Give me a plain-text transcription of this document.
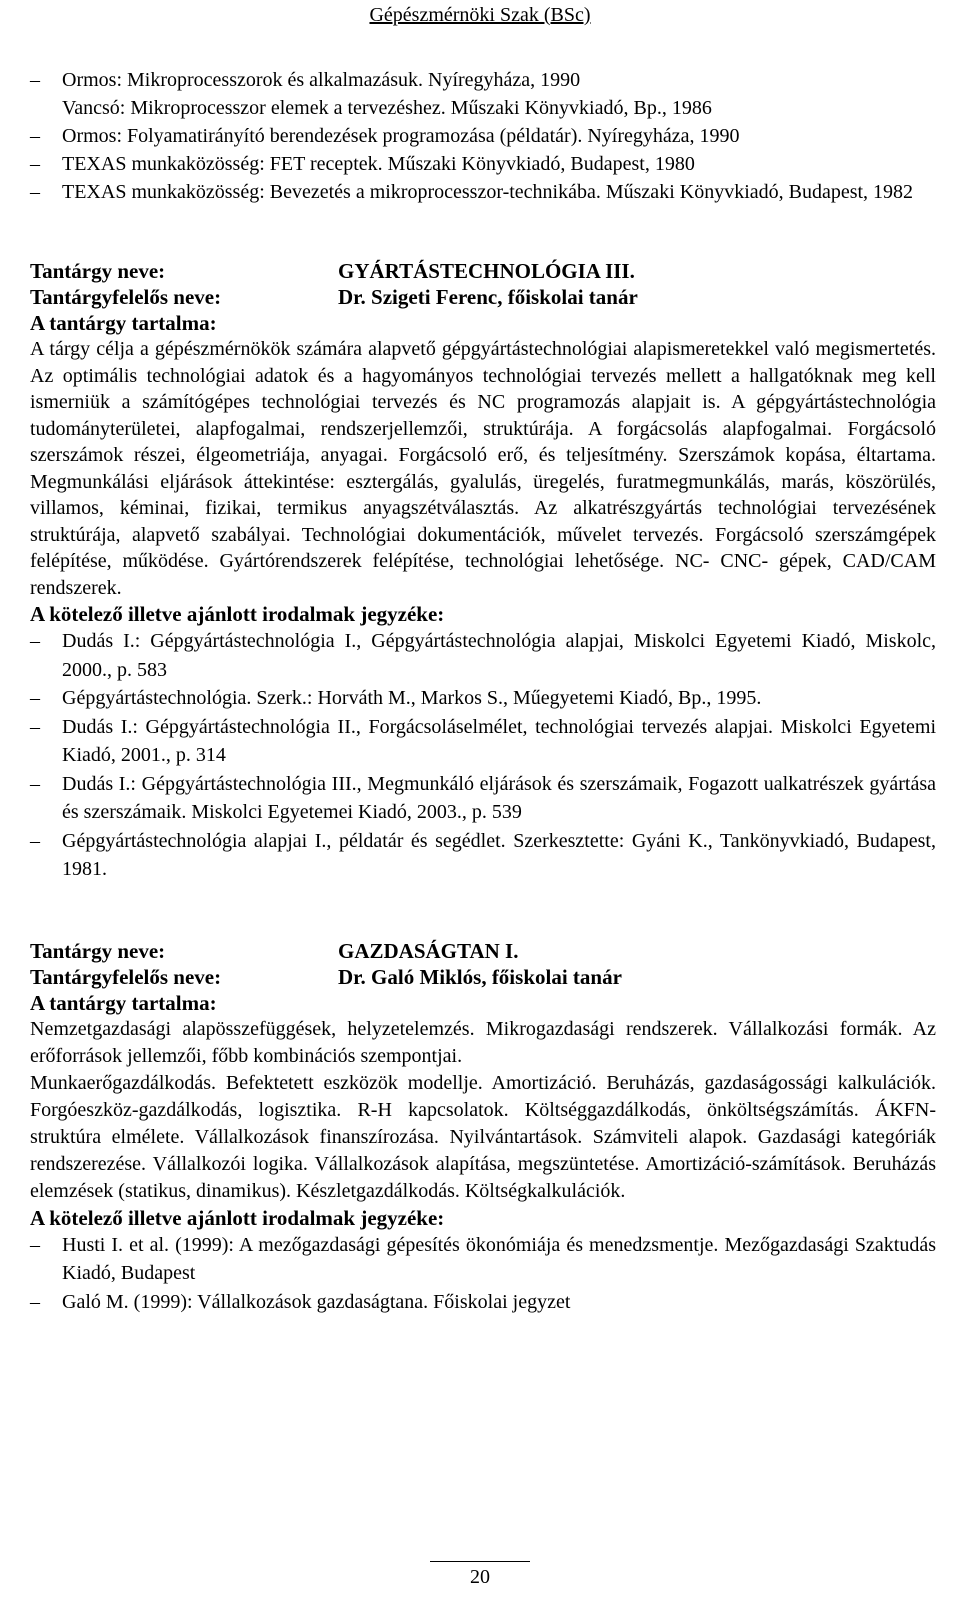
Gépészmérnöki Szak (BSc)
– Ormos: Mikroprocesszorok és alkalmazásuk. Nyíregyháza, 1990
Vancsó: Mikroprocesszor elemek a tervezéshez. Műszaki Könyvkiadó, Bp., 1986
– Ormos: Folyamatirányító berendezések programozása (példatár). Nyíregyháza, 1990
– TEXAS munkaközösség: FET receptek. Műszaki Könyvkiadó, Budapest, 1980
– TEXAS munkaközösség: Bevezetés a mikroprocesszor-technikába. Műszaki Könyvkiadó, Budapest, 1982
Tantárgy neve:	GYÁRTÁSTECHNOLÓGIA III.
Tantárgyfelelős neve:	Dr. Szigeti Ferenc, főiskolai tanár
A tantárgy tartalma:

A tárgy célja a gépészmérnökök számára alapvető gépgyártástechnológiai alapismeretekkel való megismertetés. Az optimális technológiai adatok és a hagyományos technológiai tervezés mellett a hallgatóknak meg kell ismerniük a számítógépes technológiai tervezés és NC programozás alapjait is. A gépgyártástechnológia tudományterületei, alapfogalmai, rendszerjellemzői, struktúrája. A forgácsolás alapfogalmai. Forgácsoló szerszámok részei, élgeometriája, anyagai. Forgácsoló erő, és teljesítmény. Szerszámok kopása, éltartama. Megmunkálási eljárások áttekintése: esztergálás, gyalulás, üregelés, furatmegmunkálás, marás, köszörülés, villamos, kéminai, fizikai, termikus anyagszétválasztás. Az alkatrészgyártás technológiai tervezésének struktúrája, alapvető szabályai. Technológiai dokumentációk, művelet tervezés. Forgácsoló szerszámgépek felépítése, működése. Gyártórendszerek felépítése, technológiai lehetősége. NC- CNC- gépek, CAD/CAM rendszerek.

A kötelező illetve ajánlott irodalmak jegyzéke:
– Dudás I.: Gépgyártástechnológia I., Gépgyártástechnológia alapjai, Miskolci Egyetemi Kiadó, Miskolc, 2000., p. 583
– Gépgyártástechnológia. Szerk.: Horváth M., Markos S., Műegyetemi Kiadó, Bp., 1995.
– Dudás I.: Gépgyártástechnológia II., Forgácsoláselmélet, technológiai tervezés alapjai. Miskolci Egyetemi Kiadó, 2001., p. 314
– Dudás I.: Gépgyártástechnológia III., Megmunkáló eljárások és szerszámaik, Fogazott ualkatrészek gyártása és szerszámaik. Miskolci Egyetemei Kiadó, 2003., p. 539
– Gépgyártástechnológia alapjai I., példatár és segédlet. Szerkesztette: Gyáni K., Tankönyvkiadó, Budapest, 1981.
Tantárgy neve:	GAZDASÁGTAN I.
Tantárgyfelelős neve:	Dr. Galó Miklós, főiskolai tanár
A tantárgy tartalma:

Nemzetgazdasági alapösszefüggések, helyzetelemzés. Mikrogazdasági rendszerek. Vállalkozási formák. Az erőforrások jellemzői, főbb kombinációs szempontjai.

Munkaerőgazdálkodás. Befektetett eszközök modellje. Amortizáció. Beruházás, gazdaságossági kalkulációk. Forgóeszköz-gazdálkodás, logisztika. R-H kapcsolatok. Költséggazdálkodás, önköltségszámítás. ÁKFN-struktúra elmélete. Vállalkozások finanszírozása. Nyilvántartások. Számviteli alapok. Gazdasági kategóriák rendszerezése. Vállalkozói logika. Vállalkozások alapítása, megszüntetése. Amortizáció-számítások. Beruházás elemzések (statikus, dinamikus). Készletgazdálkodás. Költségkalkulációk.

A kötelező illetve ajánlott irodalmak jegyzéke:
– Husti I. et al. (1999): A mezőgazdasági gépesítés ökonómiája és menedzsmentje. Mezőgazdasági Szaktudás Kiadó, Budapest
– Galó M. (1999): Vállalkozások gazdaságtana. Főiskolai jegyzet
20
